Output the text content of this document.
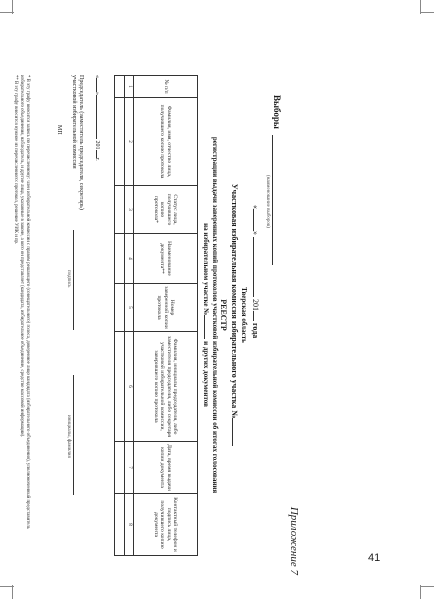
Приложение 7
Выборы
(наименование выборов)
«»  201 года
Тверская область
Участковая избирательная комиссия избирательного участка №
РЕЕСТР
регистрации выдачи заверенных копий протоколов участковой избирательной комиссии об итогах голосования
на избирательном участке № и других документов
№ п/п	Фамилия, имя, отчество лица, получившего копию протокола	Статус лица, получившего копию протокола*	Наименование документа**	Номер заверенной копии протокола	Фамилия, инициалы председателя, либо заместителя председателя, либо секретаря участковой избирательной комиссии, заверившего копию протокола	Дата, время выдачи копии документа	Контактный телефон и подпись лица, получившего копию документа
1	2	3	4	5	6	7	8

«» 201г.
Председатель (заместитель председателя, секретарь) участковой избирательной комиссии
МП
подпись
инициалы, фамилия
* В эту графу вносится запись по перечисленному: член избирательной комиссии с правом решающего (совещательного) голоса, доверенное лицо кандидата (избирательного объединения), уполномоченный представитель избирательного объединения, наблюдатель, и другие лица, указанные в законе, а кого он представляет (кандидата, избирательное объединение, средство массовой информации).
** В эту графу вносится нужное из перечисленного: протокол, решение УИК и пр.
41
